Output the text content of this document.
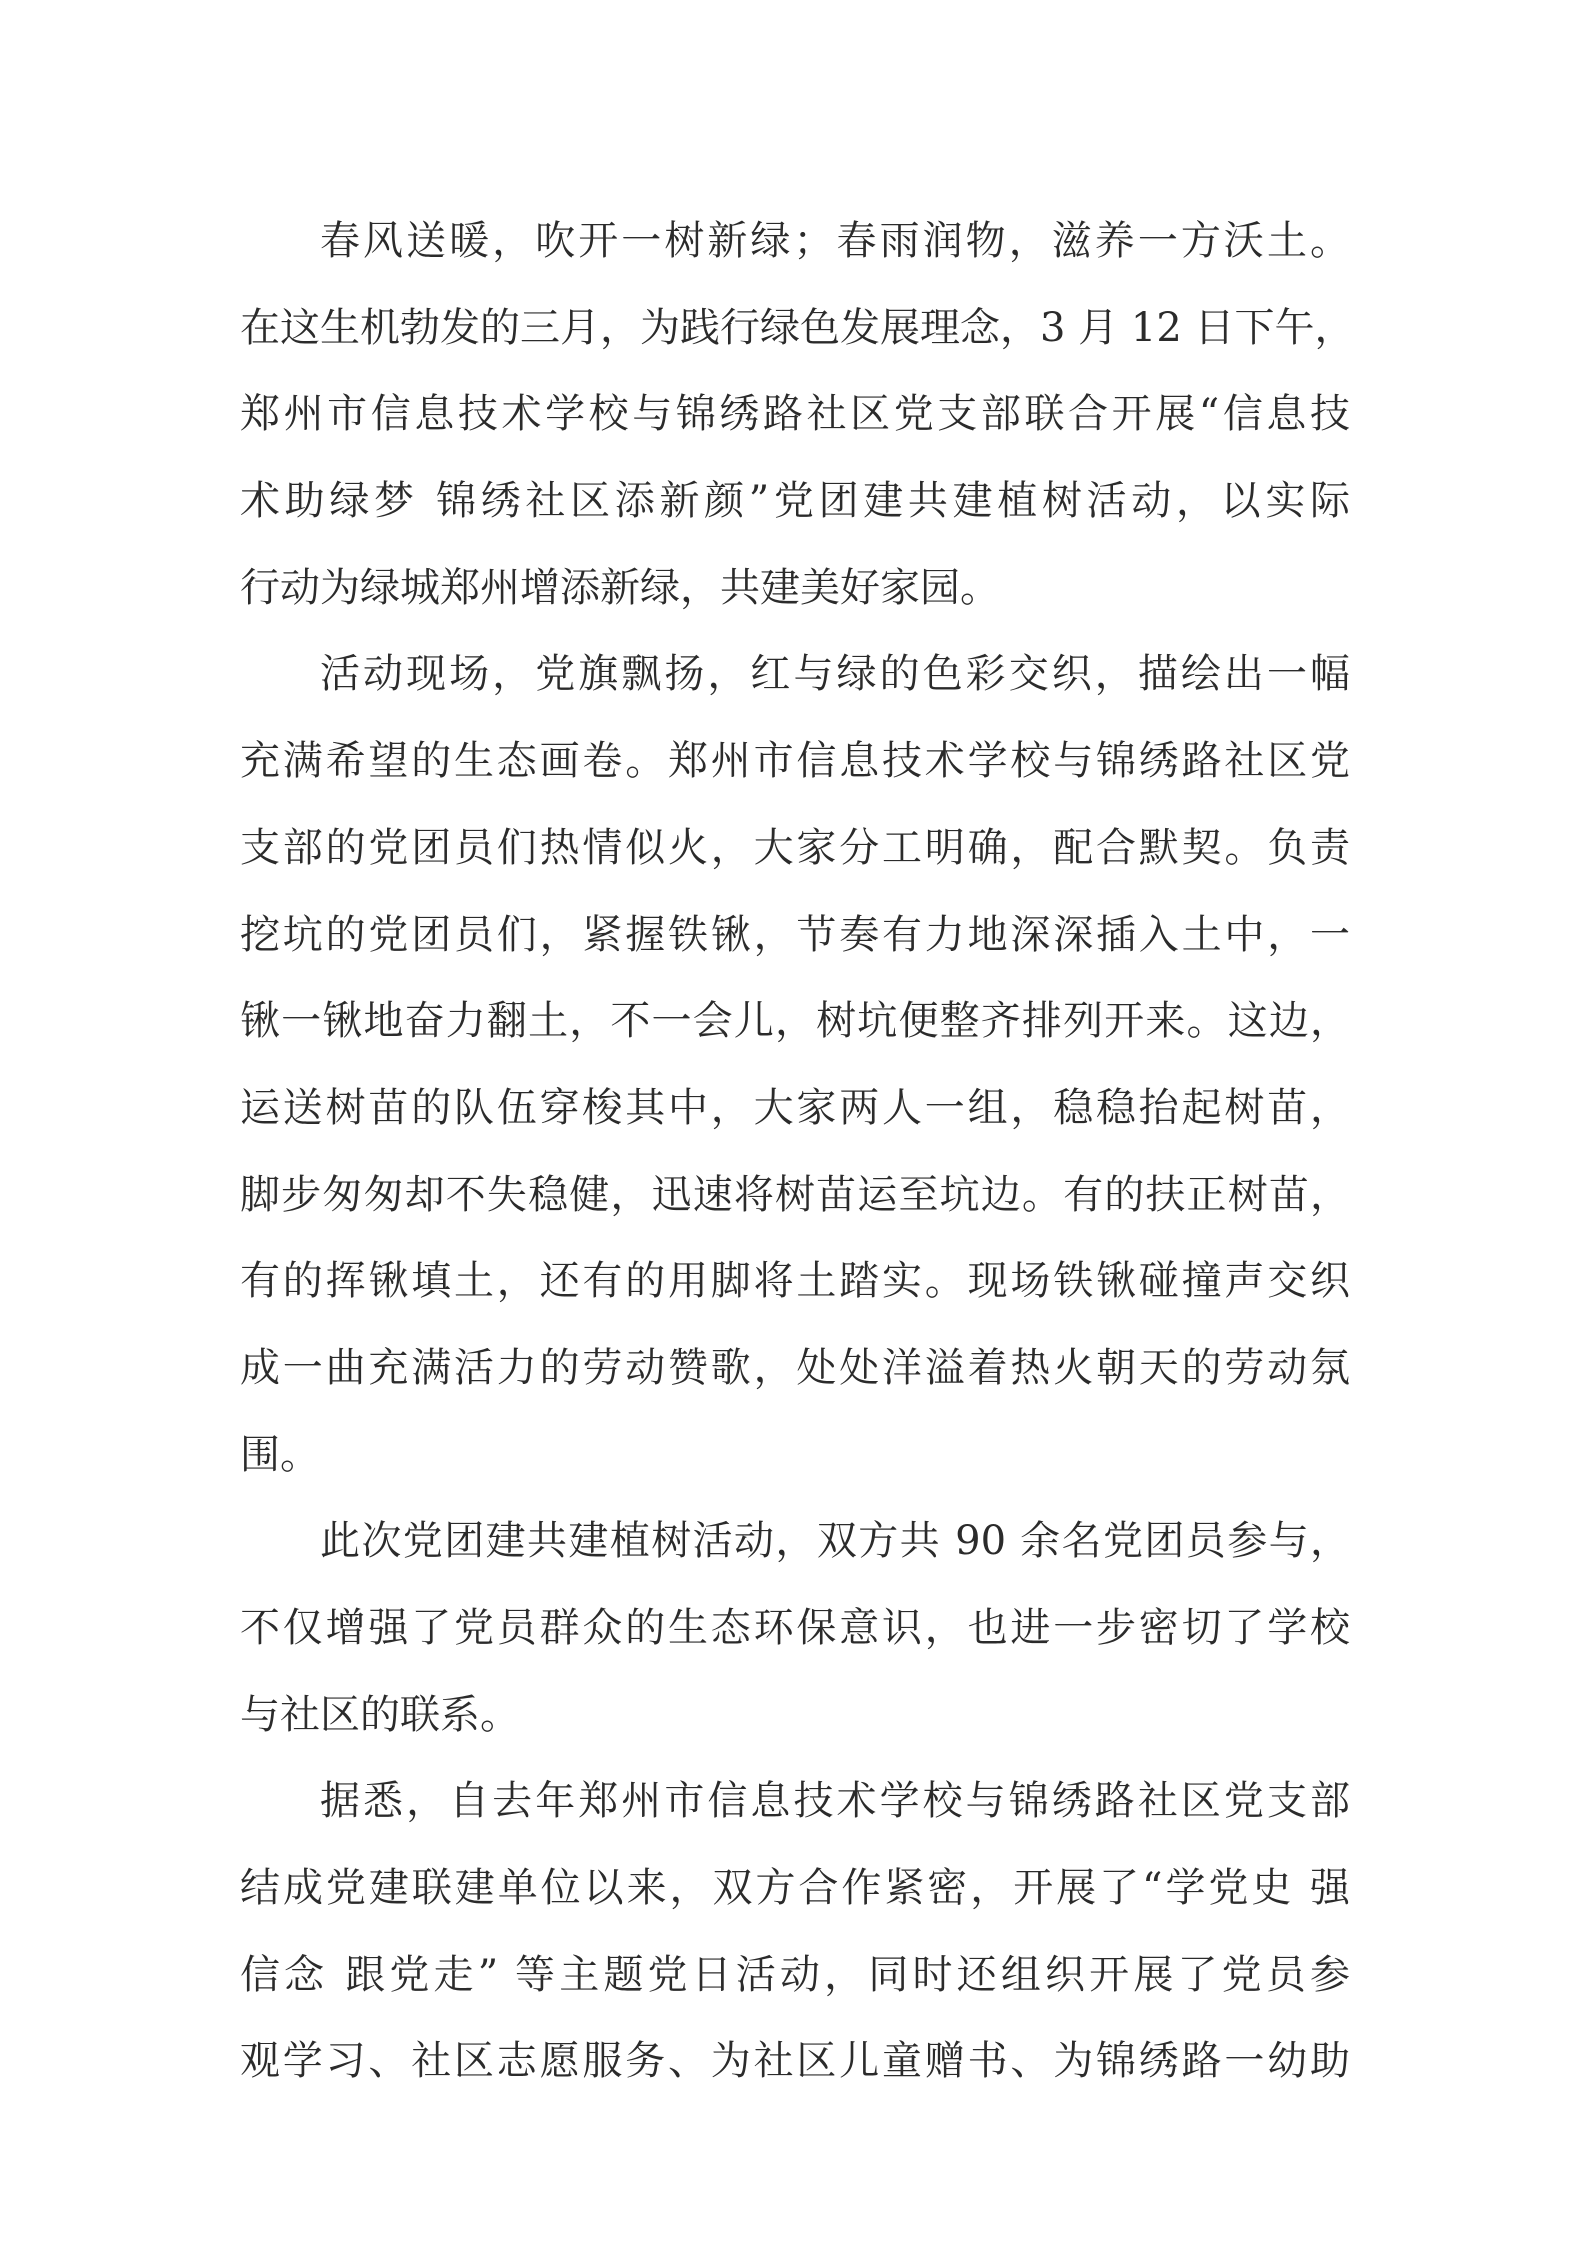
春风送暖，吹开一树新绿；春雨润物，滋养一方沃土。
在这生机勃发的三月，为践行绿色发展理念，3 月 12 日下午，
郑州市信息技术学校与锦绣路社区党支部联合开展“信息技
术助绿梦 锦绣社区添新颜”党团建共建植树活动，以实际
行动为绿城郑州增添新绿，共建美好家园。
活动现场，党旗飘扬，红与绿的色彩交织，描绘出一幅
充满希望的生态画卷。郑州市信息技术学校与锦绣路社区党
支部的党团员们热情似火，大家分工明确，配合默契。负责
挖坑的党团员们，紧握铁锹，节奏有力地深深插入土中，一
锹一锹地奋力翻土，不一会儿，树坑便整齐排列开来。这边，
运送树苗的队伍穿梭其中，大家两人一组，稳稳抬起树苗，
脚步匆匆却不失稳健，迅速将树苗运至坑边。有的扶正树苗，
有的挥锹填土，还有的用脚将土踏实。现场铁锹碰撞声交织
成一曲充满活力的劳动赞歌，处处洋溢着热火朝天的劳动氛
围。
此次党团建共建植树活动，双方共 90 余名党团员参与，
不仅增强了党员群众的生态环保意识，也进一步密切了学校
与社区的联系。
据悉，自去年郑州市信息技术学校与锦绣路社区党支部
结成党建联建单位以来，双方合作紧密，开展了“学党史 强
信念 跟党走” 等主题党日活动，同时还组织开展了党员参
观学习、社区志愿服务、为社区儿童赠书、为锦绣路一幼助
